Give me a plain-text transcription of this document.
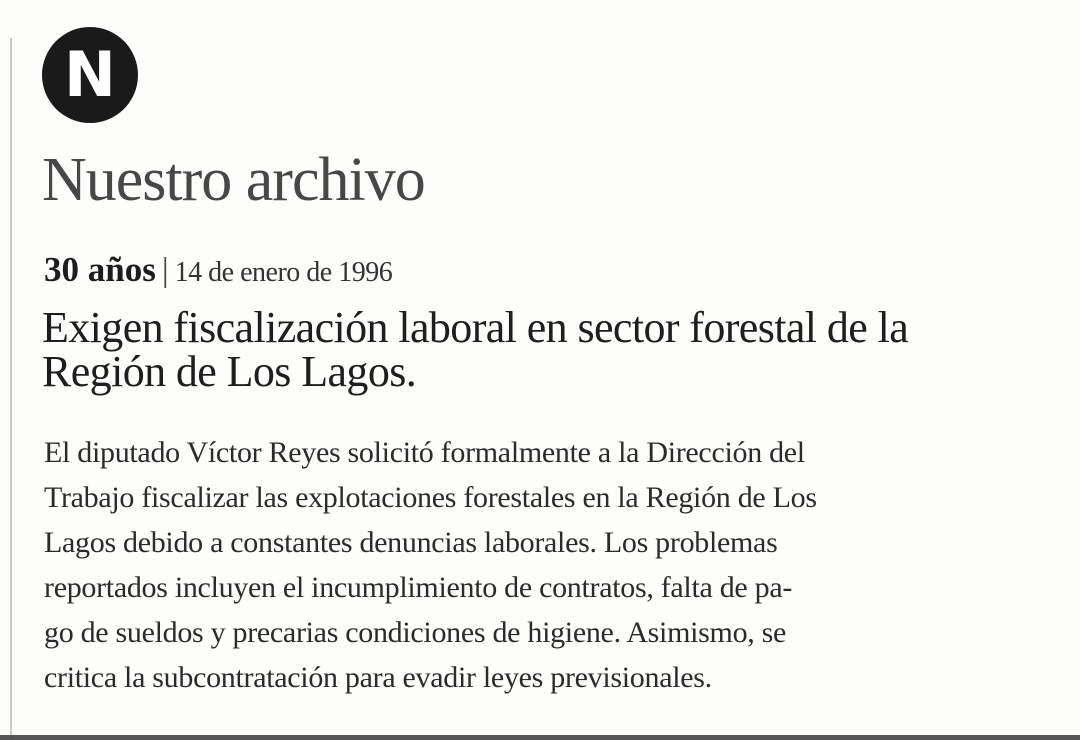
N
Nuestro archivo
30 años | 14 de enero de 1996
Exigen fiscalización laboral en sector forestal de la Región de Los Lagos.

El diputado Víctor Reyes solicitó formalmente a la Dirección del
Trabajo fiscalizar las explotaciones forestales en la Región de Los
Lagos debido a constantes denuncias laborales. Los problemas
reportados incluyen el incumplimiento de contratos, falta de pa-
go de sueldos y precarias condiciones de higiene. Asimismo, se
critica la subcontratación para evadir leyes previsionales.
